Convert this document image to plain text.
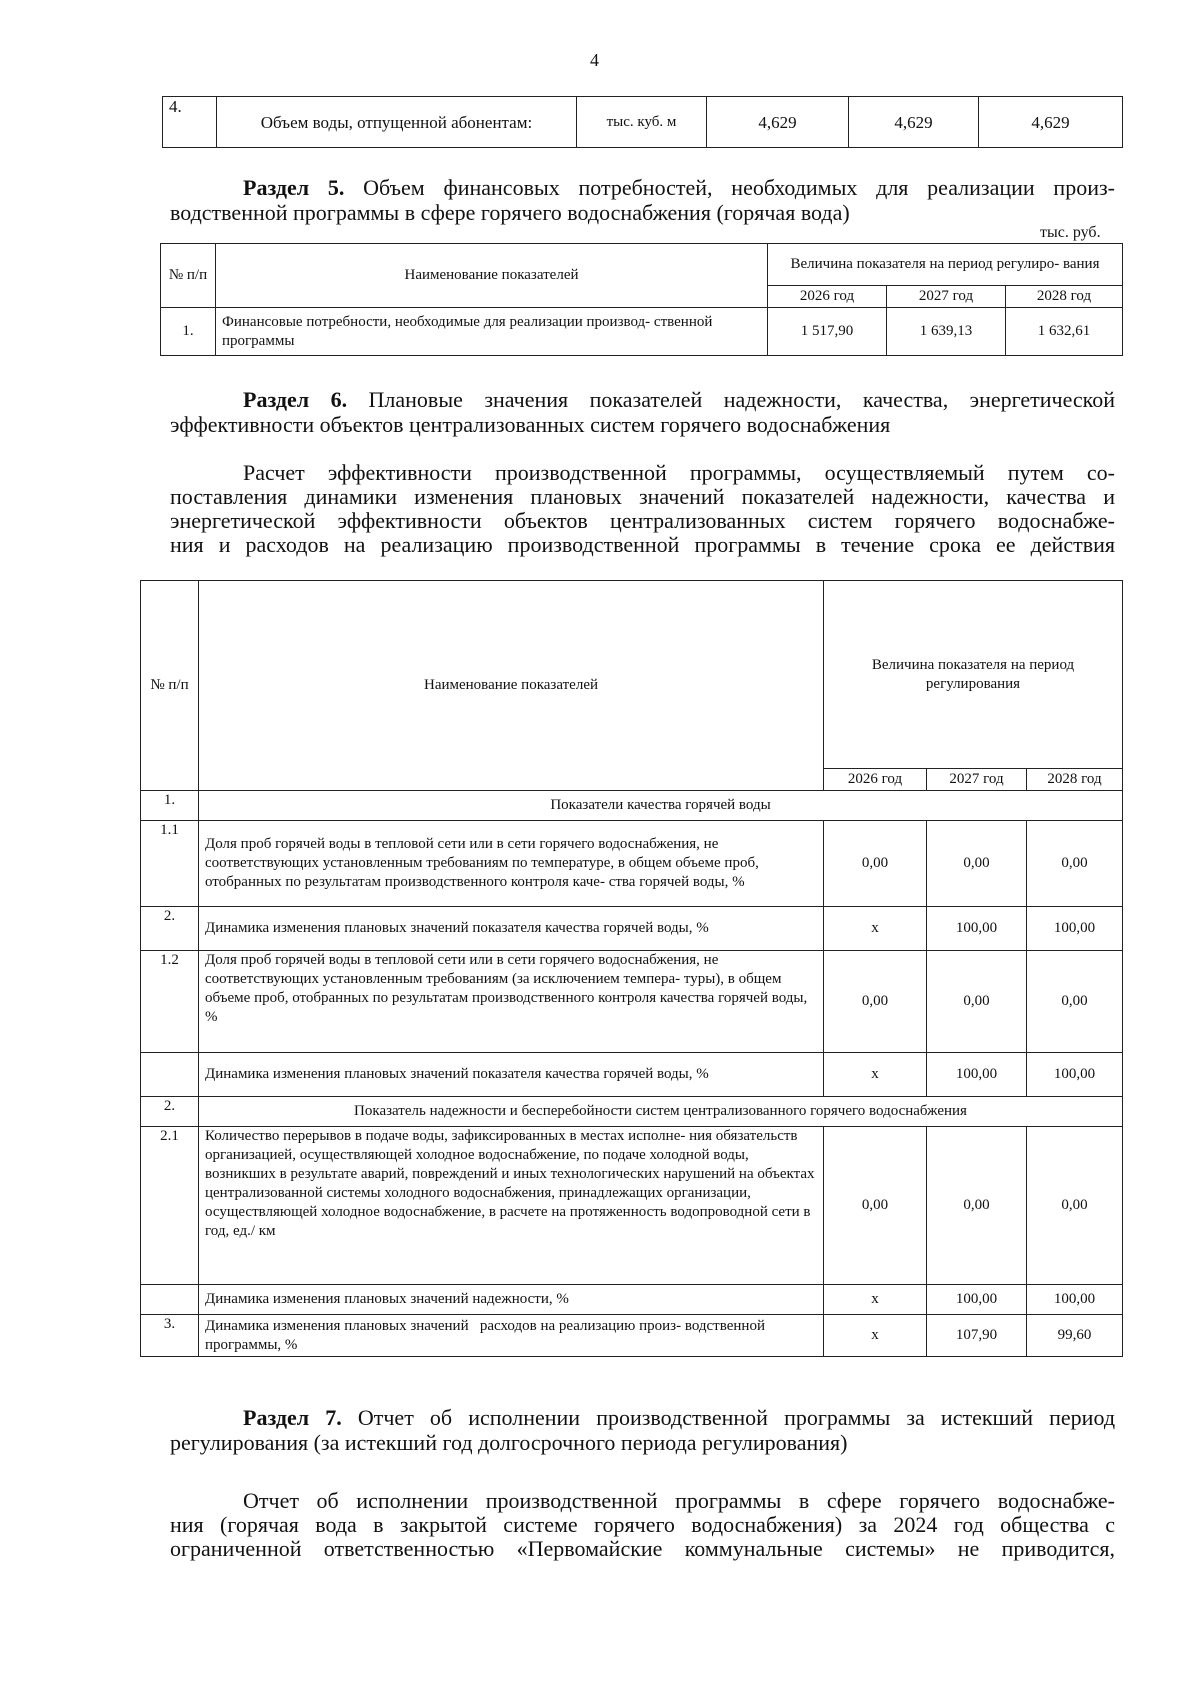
4
4.	Объем воды, отпущенной абонентам:	тыс. куб. м	4,629	4,629	4,629
Раздел 5. Объем финансовых потребностей, необходимых для реализации произ-
водственной программы в сфере горячего водоснабжения (горячая вода)
тыс. руб.
№ п/п	Наименование показателей	Величина показателя на период регулиро- вания		
		2026 год	2027 год	2028 год
1.	Финансовые потребности, необходимые для реализации производ- ственной программы	1 517,90	1 639,13	1 632,61
Раздел 6. Плановые значения показателей надежности, качества, энергетической
эффективности объектов централизованных систем горячего водоснабжения
Расчет эффективности производственной программы, осуществляемый путем со-
поставления динамики изменения плановых значений показателей надежности, качества и
энергетической эффективности объектов централизованных систем горячего водоснабже-
ния и расходов на реализацию производственной программы в течение срока ее действия
№ п/п	Наименование показателей	Величина показателя на период регулирования		
		2026 год	2027 год	2028 год
1.	Показатели качества горячей воды			
1.1	Доля проб горячей воды в тепловой сети или в сети горячего водоснабжения, не соответствующих установленным требованиям по температуре, в общем объеме проб, отобранных по результатам производственного контроля каче- ства горячей воды, %	0,00	0,00	0,00
2.	Динамика изменения плановых значений показателя качества горячей воды, %	х	100,00	100,00
1.2	Доля проб горячей воды в тепловой сети или в сети горячего водоснабжения, не соответствующих установленным требованиям (за исключением темпера- туры), в общем объеме проб, отобранных по результатам производственного контроля качества горячей воды, %	0,00	0,00	0,00
	Динамика изменения плановых значений показателя качества горячей воды, %	х	100,00	100,00
2.	Показатель надежности и бесперебойности систем централизованного горячего водоснабжения			
2.1	Количество перерывов в подаче воды, зафиксированных в местах исполне- ния обязательств организацией, осуществляющей холодное водоснабжение, по подаче холодной воды, возникших в результате аварий, повреждений и иных технологических нарушений на объектах централизованной системы холодного водоснабжения, принадлежащих организации, осуществляющей холодное водоснабжение, в расчете на протяженность водопроводной сети в год, ед./ км	0,00	0,00	0,00
	Динамика изменения плановых значений надежности, %	х	100,00	100,00
3.	Динамика изменения плановых значений   расходов на реализацию произ- водственной программы, %	х	107,90	99,60
Раздел 7. Отчет об исполнении производственной программы за истекший период
регулирования (за истекший год долгосрочного периода регулирования)
Отчет об исполнении производственной программы в сфере горячего водоснабже-
ния (горячая вода в закрытой системе горячего водоснабжения) за 2024 год общества с
ограниченной ответственностью «Первомайские коммунальные системы» не приводится,
